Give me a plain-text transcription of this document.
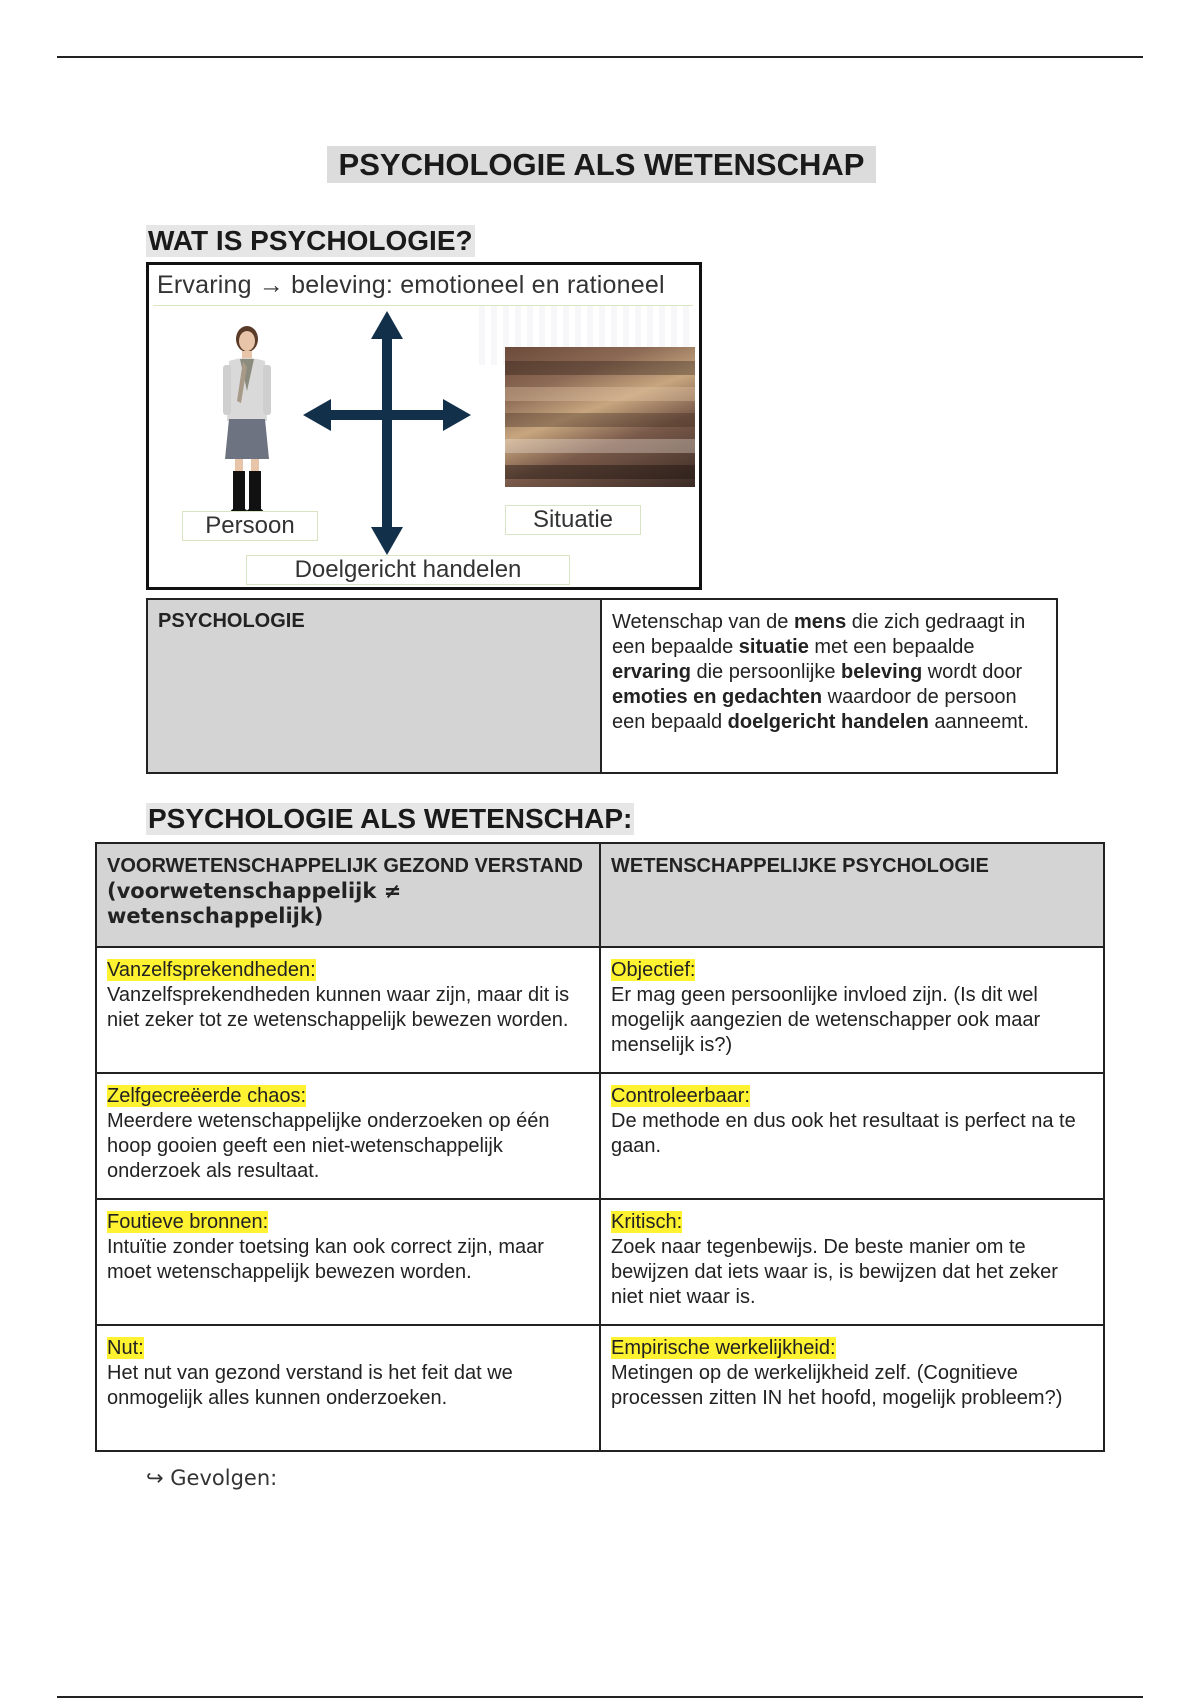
PSYCHOLOGIE ALS WETENSCHAP
WAT IS PSYCHOLOGIE?
Ervaring → beleving: emotioneel en rationeel
Persoon	Situatie
Doelgericht handelen
PSYCHOLOGIE	Wetenschap van de mens die zich gedraagt in een bepaalde situatie met een bepaalde ervaring die persoonlijke beleving wordt door emoties en gedachten waardoor de persoon een bepaald doelgericht handelen aanneemt.
PSYCHOLOGIE ALS WETENSCHAP:
VOORWETENSCHAPPELIJK GEZOND VERSTAND
(voorwetenschappelijk ≠ wetenschappelijk)	WETENSCHAPPELIJKE PSYCHOLOGIE
Vanzelfsprekendheden:
Vanzelfsprekendheden kunnen waar zijn, maar dit is niet zeker tot ze wetenschappelijk bewezen worden.	Objectief:
Er mag geen persoonlijke invloed zijn. (Is dit wel mogelijk aangezien de wetenschapper ook maar menselijk is?)
Zelfgecreëerde chaos:
Meerdere wetenschappelijke onderzoeken op één hoop gooien geeft een niet-wetenschappelijk onderzoek als resultaat.	Controleerbaar:
De methode en dus ook het resultaat is perfect na te gaan.
Foutieve bronnen:
Intuïtie zonder toetsing kan ook correct zijn, maar moet wetenschappelijk bewezen worden.	Kritisch:
Zoek naar tegenbewijs. De beste manier om te bewijzen dat iets waar is, is bewijzen dat het zeker niet niet waar is.
Nut:
Het nut van gezond verstand is het feit dat we onmogelijk alles kunnen onderzoeken.	Empirische werkelijkheid:
Metingen op de werkelijkheid zelf. (Cognitieve processen zitten IN het hoofd, mogelijk probleem?)
↪ Gevolgen:
